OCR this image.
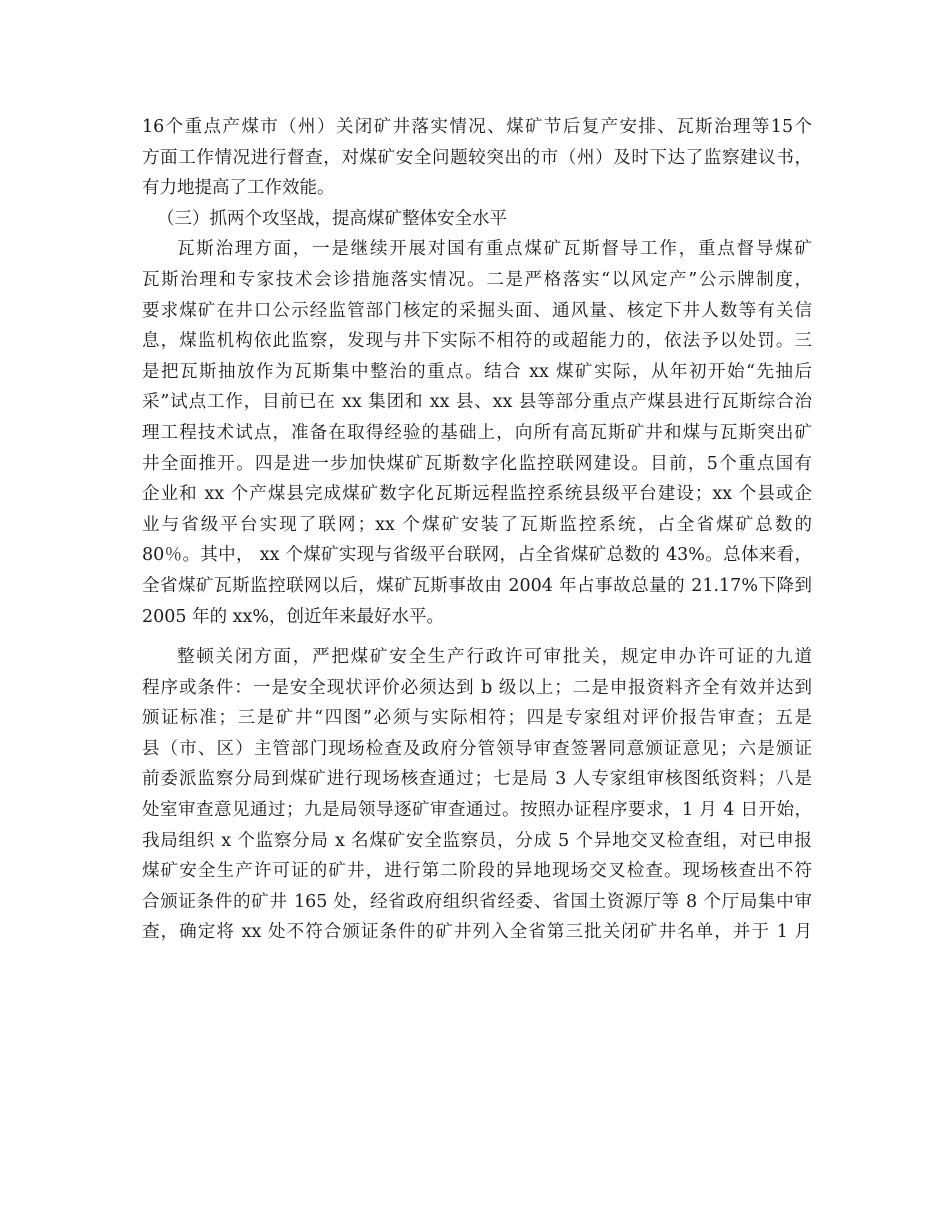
16个重点产煤市（州）关闭矿井落实情况、煤矿节后复产安排、瓦斯治理等15个
方面工作情况进行督查，对煤矿安全问题较突出的市（州）及时下达了监察建议书，
有力地提高了工作效能。
（三）抓两个攻坚战，提高煤矿整体安全水平
瓦斯治理方面，一是继续开展对国有重点煤矿瓦斯督导工作，重点督导煤矿
瓦斯治理和专家技术会诊措施落实情况。二是严格落实“以风定产”公示牌制度，
要求煤矿在井口公示经监管部门核定的采掘头面、通风量、核定下井人数等有关信
息，煤监机构依此监察，发现与井下实际不相符的或超能力的，依法予以处罚。三
是把瓦斯抽放作为瓦斯集中整治的重点。结合 xx 煤矿实际，从年初开始“先抽后
采”试点工作，目前已在 xx 集团和 xx 县、xx 县等部分重点产煤县进行瓦斯综合治
理工程技术试点，准备在取得经验的基础上，向所有高瓦斯矿井和煤与瓦斯突出矿
井全面推开。四是进一步加快煤矿瓦斯数字化监控联网建设。目前，5个重点国有
企业和 xx 个产煤县完成煤矿数字化瓦斯远程监控系统县级平台建设；xx 个县或企
业与省级平台实现了联网；xx 个煤矿安装了瓦斯监控系统，占全省煤矿总数的
80％。其中， xx 个煤矿实现与省级平台联网，占全省煤矿总数的 43%。总体来看，
全省煤矿瓦斯监控联网以后，煤矿瓦斯事故由 2004 年占事故总量的 21.17%下降到
2005 年的 xx%，创近年来最好水平。
整顿关闭方面，严把煤矿安全生产行政许可审批关，规定申办许可证的九道
程序或条件：一是安全现状评价必须达到 b 级以上；二是申报资料齐全有效并达到
颁证标准；三是矿井“四图”必须与实际相符；四是专家组对评价报告审查；五是
县（市、区）主管部门现场检查及政府分管领导审查签署同意颁证意见；六是颁证
前委派监察分局到煤矿进行现场核查通过；七是局 3 人专家组审核图纸资料；八是
处室审查意见通过；九是局领导逐矿审查通过。按照办证程序要求，1 月 4 日开始，
我局组织 x 个监察分局 x 名煤矿安全监察员，分成 5 个异地交叉检查组，对已申报
煤矿安全生产许可证的矿井，进行第二阶段的异地现场交叉检查。现场核查出不符
合颁证条件的矿井 165 处，经省政府组织省经委、省国土资源厅等 8 个厅局集中审
查，确定将 xx 处不符合颁证条件的矿井列入全省第三批关闭矿井名单，并于 1 月
